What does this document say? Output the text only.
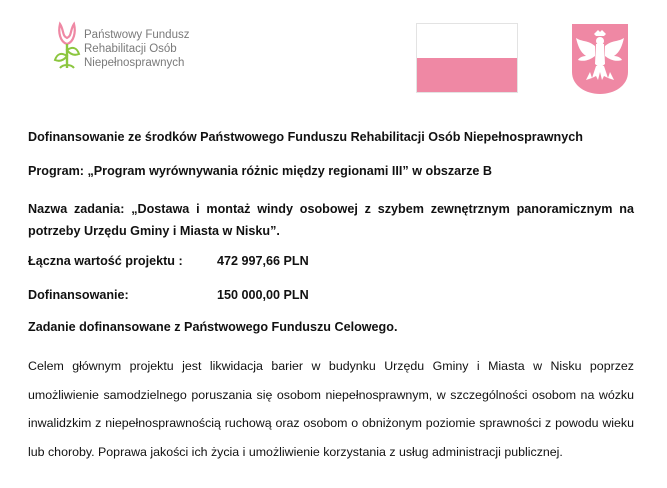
Państwowy Fundusz
Rehabilitacji Osób
Niepełnosprawnych
Dofinansowanie ze środków Państwowego Funduszu Rehabilitacji Osób Niepełnosprawnych
Program: „Program wyrównywania różnic między regionami III” w obszarze B
Nazwa zadania: „Dostawa i montaż windy osobowej z szybem zewnętrznym panoramicznym na potrzeby Urzędu Gminy i Miasta w Nisku”.
Łączna wartość projektu :	472 997,66 PLN
Dofinansowanie:	150 000,00 PLN
Zadanie dofinansowane z Państwowego Funduszu Celowego.
Celem głównym projektu jest likwidacja barier w budynku Urzędu Gminy i Miasta w Nisku poprzez umożliwienie samodzielnego poruszania się osobom niepełnosprawnym, w szczególności osobom na wózku inwalidzkim z niepełnosprawnością ruchową oraz osobom o obniżonym poziomie sprawności z powodu wieku lub choroby. Poprawa jakości ich życia i umożliwienie korzystania z usług administracji publicznej.
